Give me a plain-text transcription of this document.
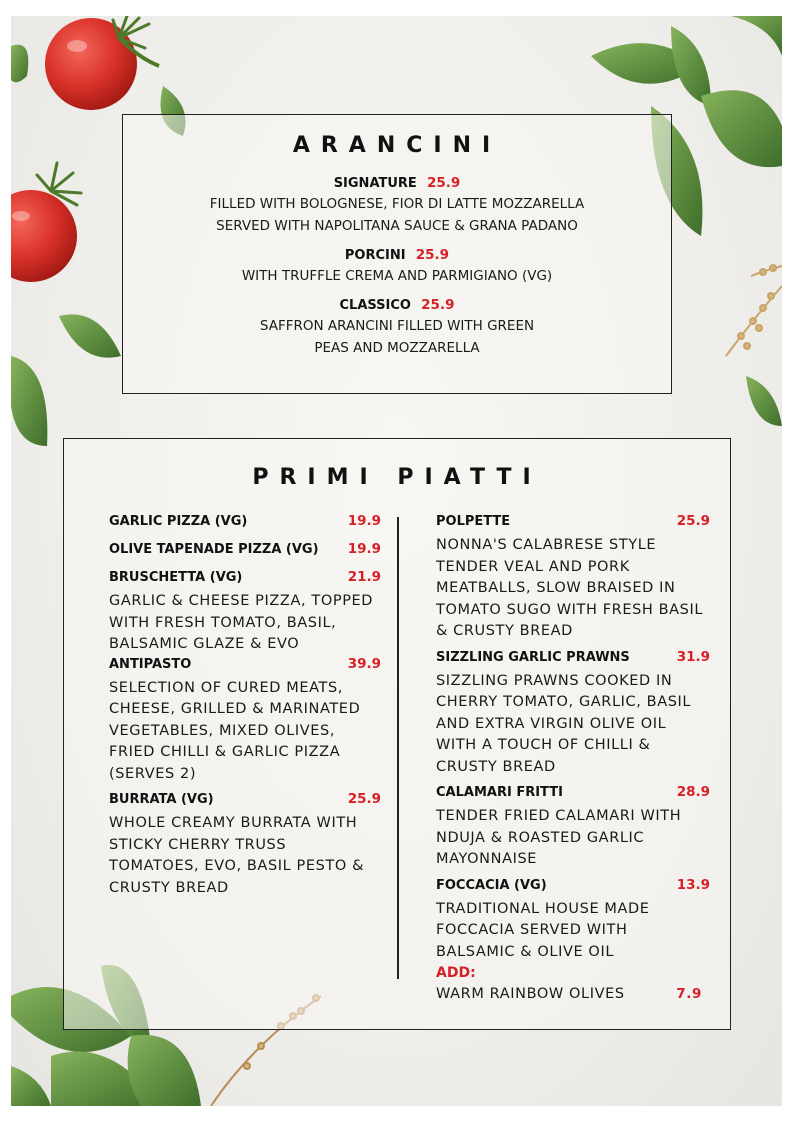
ARANCINI
SIGNATURE 25.9
FILLED WITH BOLOGNESE, FIOR DI LATTE MOZZARELLA
SERVED WITH NAPOLITANA SAUCE & GRANA PADANO
PORCINI 25.9
WITH TRUFFLE CREMA AND PARMIGIANO (VG)
CLASSICO 25.9
SAFFRON ARANCINI FILLED WITH GREEN
PEAS AND MOZZARELLA
PRIMI PIATTI
GARLIC PIZZA (VG)	19.9
OLIVE TAPENADE PIZZA (VG) 19.9
BRUSCHETTA (VG)	21.9
GARLIC & CHEESE PIZZA, TOPPED WITH FRESH TOMATO, BASIL, BALSAMIC GLAZE & EVO
ANTIPASTO	39.9
SELECTION OF CURED MEATS, CHEESE, GRILLED & MARINATED VEGETABLES, MIXED OLIVES, FRIED CHILLI & GARLIC PIZZA (SERVES 2)
BURRATA (VG)	25.9
WHOLE CREAMY BURRATA WITH STICKY CHERRY TRUSS TOMATOES, EVO, BASIL PESTO & CRUSTY BREAD
POLPETTE	25.9
NONNA'S CALABRESE STYLE TENDER VEAL AND PORK MEATBALLS, SLOW BRAISED IN TOMATO SUGO WITH FRESH BASIL & CRUSTY BREAD
SIZZLING GARLIC PRAWNS	31.9
SIZZLING PRAWNS COOKED IN CHERRY TOMATO, GARLIC, BASIL AND EXTRA VIRGIN OLIVE OIL WITH A TOUCH OF CHILLI & CRUSTY BREAD
CALAMARI FRITTI	28.9
TENDER FRIED CALAMARI WITH NDUJA & ROASTED GARLIC MAYONNAISE
FOCCACIA (VG)	13.9
TRADITIONAL HOUSE MADE FOCCACIA SERVED WITH BALSAMIC & OLIVE OIL
ADD:
WARM RAINBOW OLIVES	7.9
